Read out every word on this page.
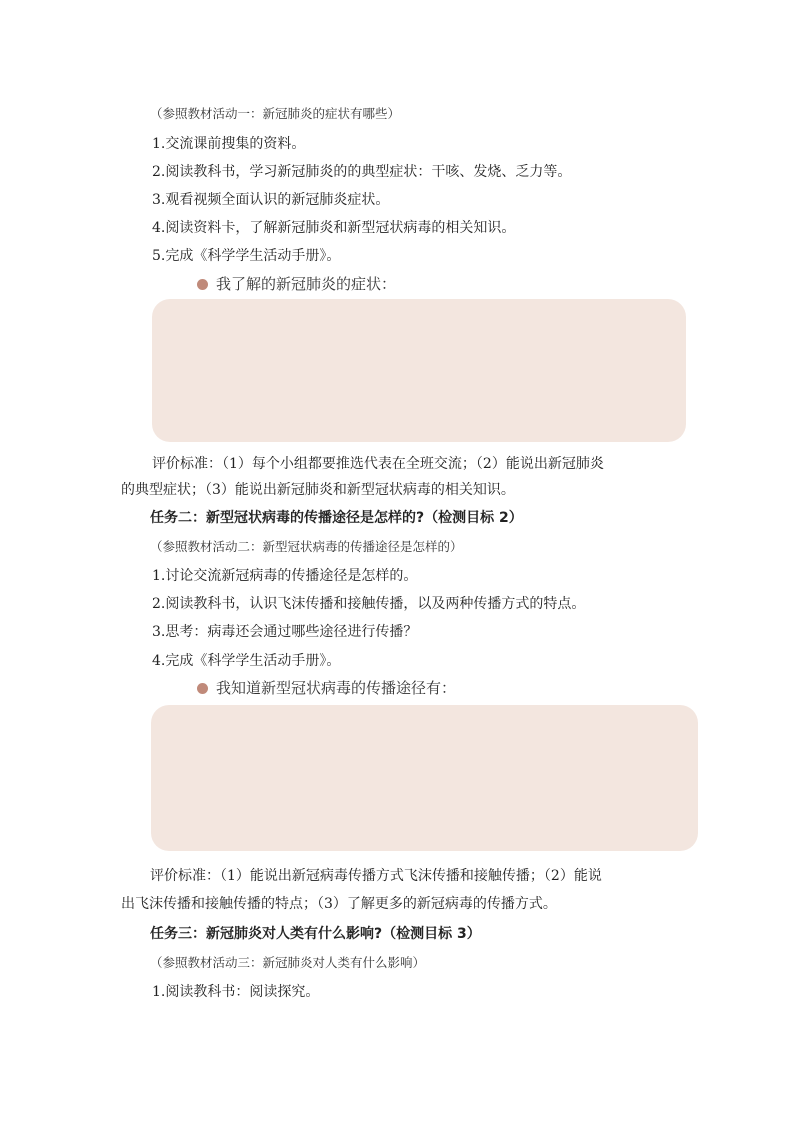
（参照教材活动一：新冠肺炎的症状有哪些）
1.交流课前搜集的资料。
2.阅读教科书，学习新冠肺炎的的典型症状：干咳、发烧、乏力等。
3.观看视频全面认识的新冠肺炎症状。
4.阅读资料卡，了解新冠肺炎和新型冠状病毒的相关知识。
5.完成《科学学生活动手册》。
我了解的新冠肺炎的症状：
评价标准：（1）每个小组都要推选代表在全班交流；（2）能说出新冠肺炎
的典型症状；（3）能说出新冠肺炎和新型冠状病毒的相关知识。
任务二：新型冠状病毒的传播途径是怎样的?（检测目标 2）
（参照教材活动二：新型冠状病毒的传播途径是怎样的）
1.讨论交流新冠病毒的传播途径是怎样的。
2.阅读教科书，认识飞沫传播和接触传播，以及两种传播方式的特点。
3.思考：病毒还会通过哪些途径进行传播？
4.完成《科学学生活动手册》。
我知道新型冠状病毒的传播途径有：
评价标准：（1）能说出新冠病毒传播方式飞沫传播和接触传播；（2）能说
出飞沫传播和接触传播的特点；（3）了解更多的新冠病毒的传播方式。
任务三：新冠肺炎对人类有什么影响?（检测目标 3）
（参照教材活动三：新冠肺炎对人类有什么影响）
1.阅读教科书：阅读探究。
